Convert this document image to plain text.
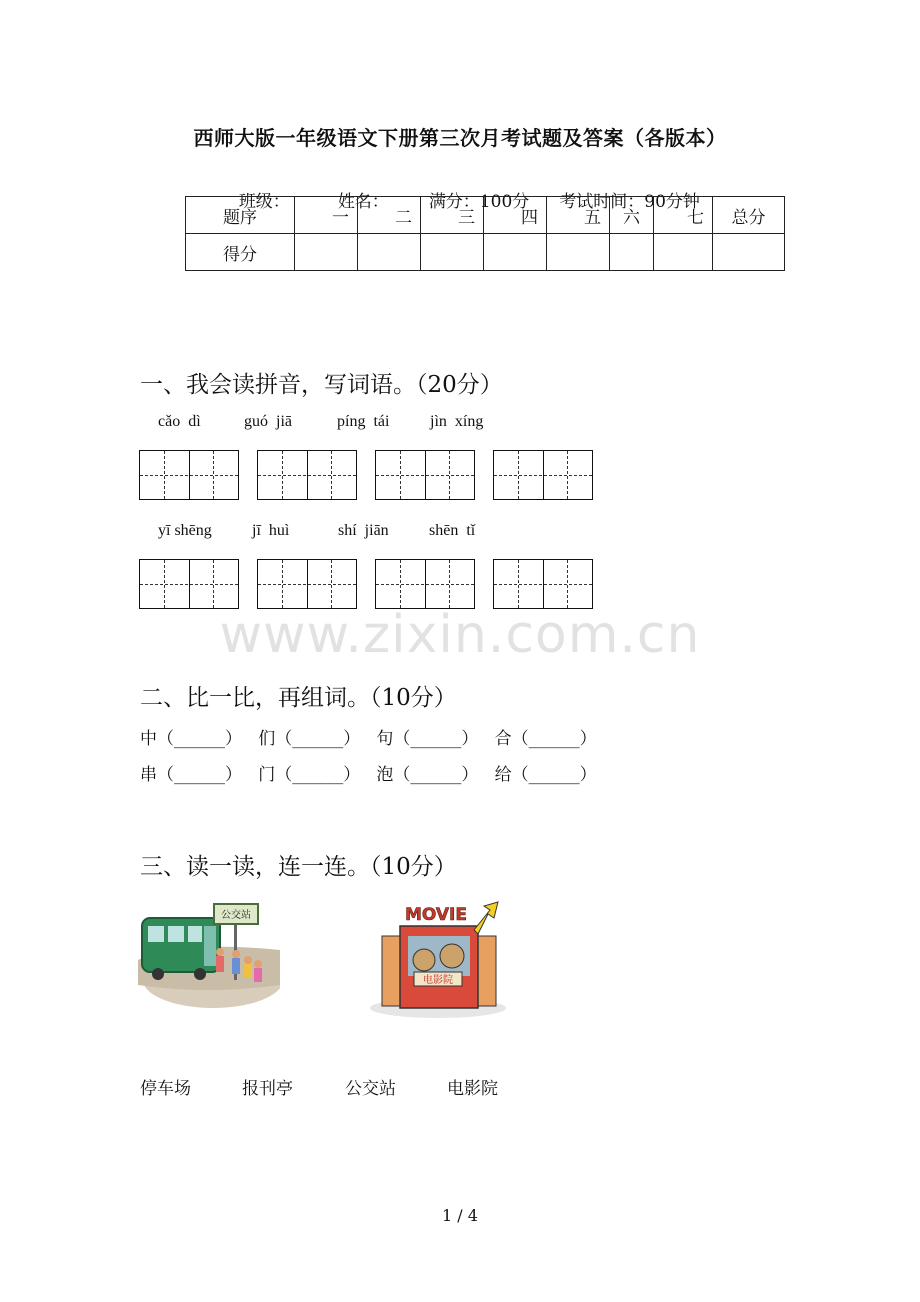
西师大版一年级语文下册第三次月考试题及答案（各版本）

班级：	姓名： 满分：100分 考试时间：90分钟

题序	一	二	三	四	五	六	七	总分
得分								
一、我会读拼音，写词语。（20分）
cǎo  dì	guó  jiā	píng  tái	jìn  xíng
yī shēng	jī  huì	shí  jiān	shēn  tǐ
www.zixin.com.cn
二、比一比，再组词。（10分）
中（______）   们（______）   句（______）   合（______）
串（______）   门（______）   泡（______）   给（______）
三、读一读，连一连。（10分）
公交站
电影院
MOVIE
停车场	报刊亭	公交站	电影院
1 / 4
